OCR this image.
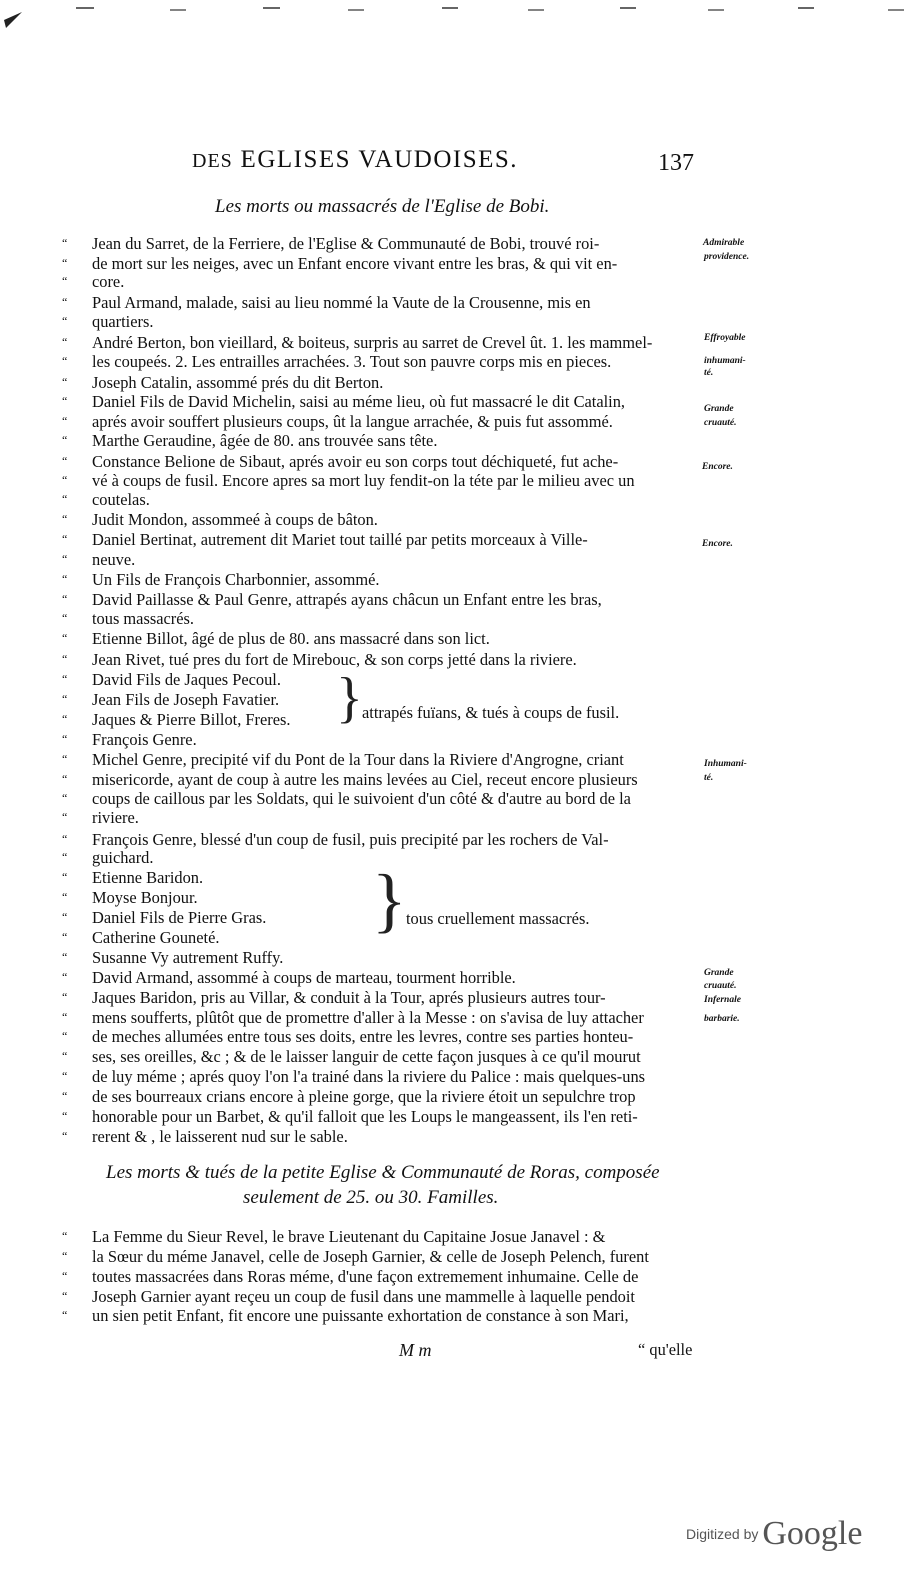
DES EGLISES VAUDOISES.	137
Les morts ou massacrés de l'Eglise de Bobi.
“ Jean du Sarret, de la Ferriere, de l'Eglise & Communauté de Bobi, trouvé roi-
“ de mort sur les neiges, avec un Enfant encore vivant entre les bras, & qui vit en-
“ core.
“ Paul Armand, malade, saisi au lieu nommé la Vaute de la Crousenne, mis en
“ quartiers.
“ André Berton, bon vieillard, & boiteus, surpris au sarret de Crevel ût. 1. les mammel-
“ les coupeés. 2. Les entrailles arrachées. 3. Tout son pauvre corps mis en pieces.
“ Joseph Catalin, assommé prés du dit Berton.
“ Daniel Fils de David Michelin, saisi au méme lieu, où fut massacré le dit Catalin,
“ aprés avoir souffert plusieurs coups, ût la langue arrachée, & puis fut assommé.
“ Marthe Geraudine, âgée de 80. ans trouvée sans tête.
“ Constance Belione de Sibaut, aprés avoir eu son corps tout déchiqueté, fut ache-
“ vé à coups de fusil. Encore apres sa mort luy fendit-on la téte par le milieu avec un
“ coutelas.
“ Judit Mondon, assommeé à coups de bâton.
“ Daniel Bertinat, autrement dit Mariet tout taillé par petits morceaux à Ville-
“ neuve.
“ Un Fils de François Charbonnier, assommé.
“ David Paillasse & Paul Genre, attrapés ayans châcun un Enfant entre les bras,
“ tous massacrés.
“ Etienne Billot, âgé de plus de 80. ans massacré dans son lict.
“ Jean Rivet, tué pres du fort de Mirebouc, & son corps jetté dans la riviere.
“ David Fils de Jaques Pecoul.
“ Jean Fils de Joseph Favatier.
“ Jaques & Pierre Billot, Freres.
“ François Genre.
“ Michel Genre, precipité vif du Pont de la Tour dans la Riviere d'Angrogne, criant
“ misericorde, ayant de coup à autre les mains levées au Ciel, receut encore plusieurs
“ coups de caillous par les Soldats, qui le suivoient d'un côté & d'autre au bord de la
“ riviere.
“ François Genre, blessé d'un coup de fusil, puis precipité par les rochers de Val-
“ guichard.
“ Etienne Baridon.
“ Moyse Bonjour.
“ Daniel Fils de Pierre Gras.
“ Catherine Gouneté.
“ Susanne Vy autrement Ruffy.
“ David Armand, assommé à coups de marteau, tourment horrible.
“ Jaques Baridon, pris au Villar, & conduit à la Tour, aprés plusieurs autres tour-
“ mens soufferts, plûtôt que de promettre d'aller à la Messe : on s'avisa de luy attacher
“ de meches allumées entre tous ses doits, entre les levres, contre ses parties honteu-
“ ses, ses oreilles, &c ; & de le laisser languir de cette façon jusques à ce qu'il mourut
“ de luy méme ; aprés quoy l'on l'a trainé dans la riviere du Palice : mais quelques-uns
“ de ses bourreaux crians encore à pleine gorge, que la riviere étoit un sepulchre trop
“ honorable pour un Barbet, & qu'il falloit que les Loups le mangeassent, ils l'en reti-
“ rerent & , le laisserent nud sur le sable.
} attrapés fuïans, & tués à coups de fusil.
} tous cruellement massacrés.
Admirable
providence.
Effroyable
inhumani-
té.
Grande
cruauté.
Encore.
Encore.
Inhumani-
té.
Grande
cruauté.
Infernale
barbarie.
Les morts & tués de la petite Eglise & Communauté de Roras, composée
seulement de 25. ou 30. Familles.
“ La Femme du Sieur Revel, le brave Lieutenant du Capitaine Josue Janavel : &
“ la Sœur du méme Janavel, celle de Joseph Garnier, & celle de Joseph Pelench, furent
“ toutes massacrées dans Roras méme, d'une façon extremement inhumaine. Celle de
“ Joseph Garnier ayant reçeu un coup de fusil dans une mammelle à laquelle pendoit
“ un sien petit Enfant, fit encore une puissante exhortation de constance à son Mari,
M m	“ qu'elle
Digitized by Google
